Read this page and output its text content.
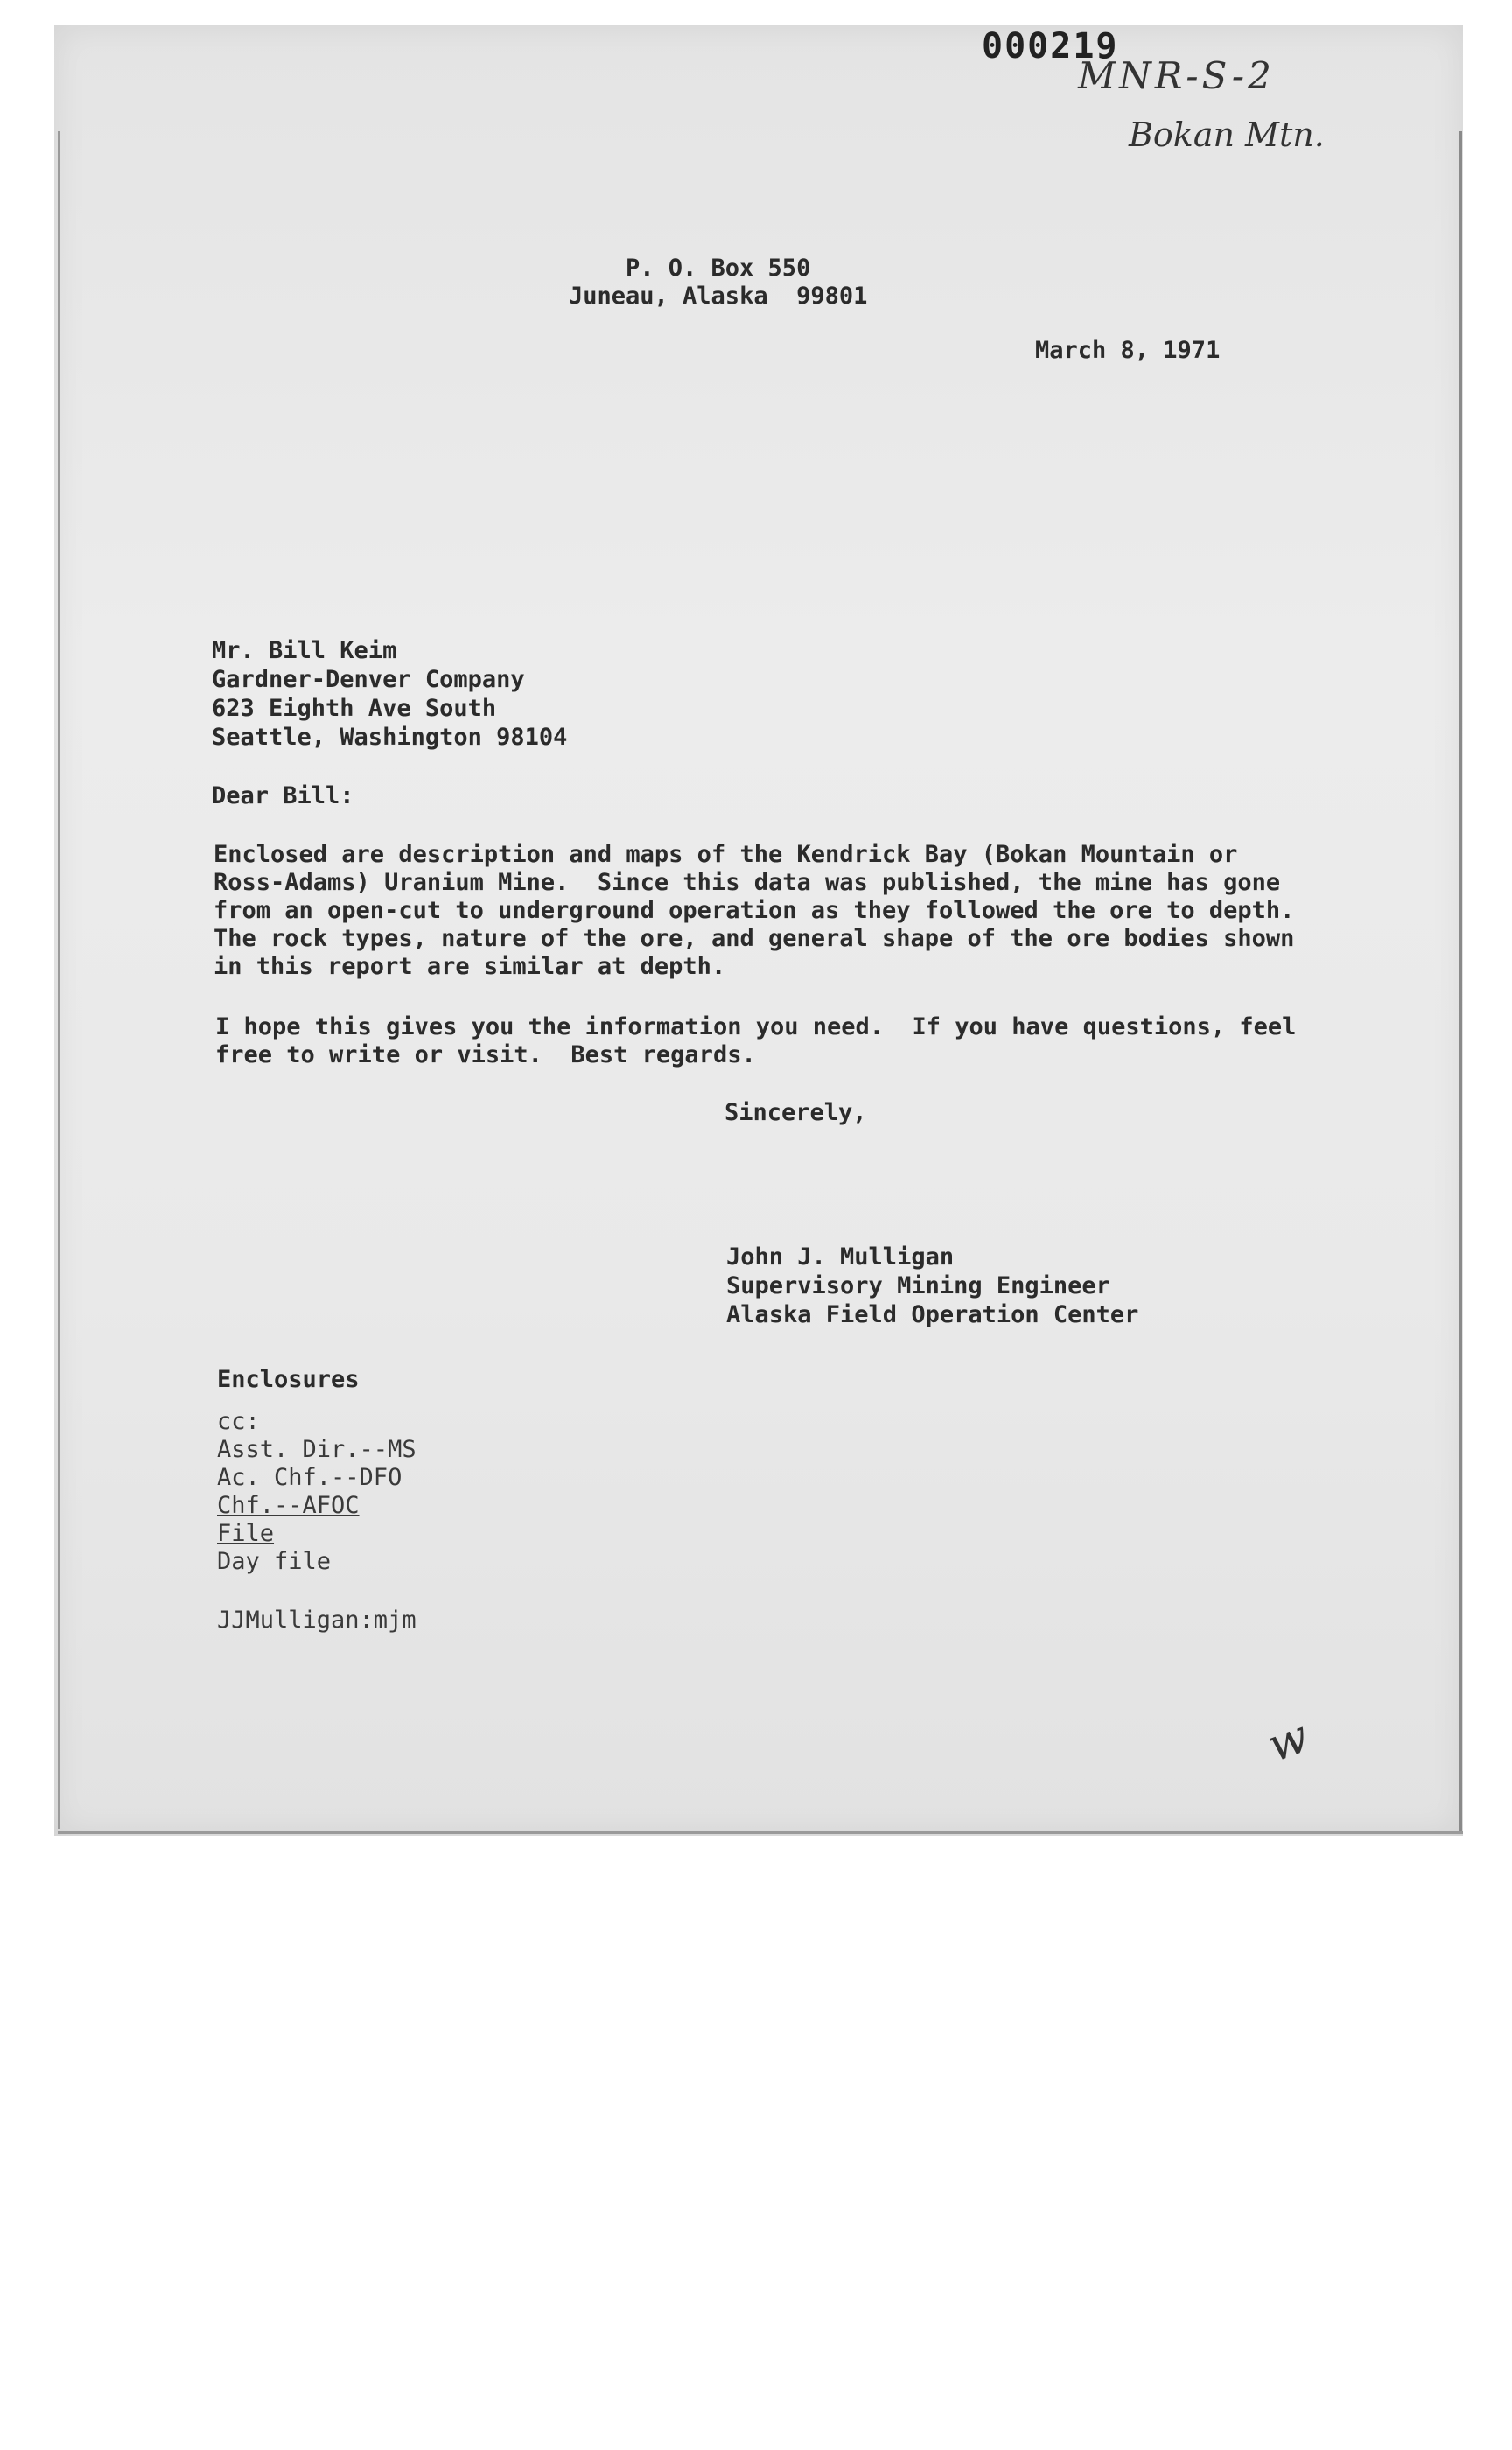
000219
MNR-S-2
Bokan Mtn.
P. O. Box 550
Juneau, Alaska  99801
March 8, 1971
Mr. Bill Keim
Gardner-Denver Company
623 Eighth Ave South
Seattle, Washington 98104
Dear Bill:
Enclosed are description and maps of the Kendrick Bay (Bokan Mountain or
Ross-Adams) Uranium Mine.  Since this data was published, the mine has gone
from an open-cut to underground operation as they followed the ore to depth.
The rock types, nature of the ore, and general shape of the ore bodies shown
in this report are similar at depth.
I hope this gives you the information you need.  If you have questions, feel
free to write or visit.  Best regards.
Sincerely,
John J. Mulligan
Supervisory Mining Engineer
Alaska Field Operation Center
Enclosures
cc:
Asst. Dir.--MS
Ac. Chf.--DFO
Chf.--AFOC
File
Day file
JJMulligan:mjm
w
